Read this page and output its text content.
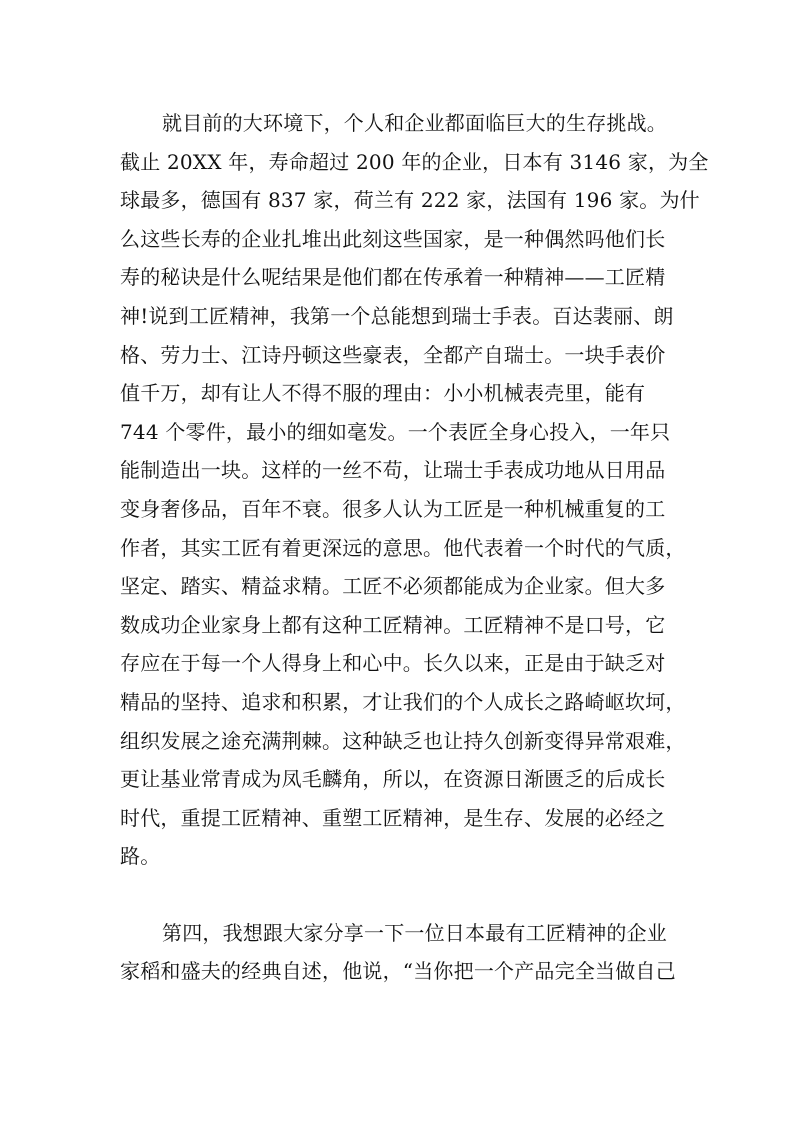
就目前的大环境下，个人和企业都面临巨大的生存挑战。
截止 20XX 年，寿命超过 200 年的企业，日本有 3146 家，为全
球最多，德国有 837 家，荷兰有 222 家，法国有 196 家。为什
么这些长寿的企业扎堆出此刻这些国家，是一种偶然吗他们长
寿的秘诀是什么呢结果是他们都在传承着一种精神——工匠精
神!说到工匠精神，我第一个总能想到瑞士手表。百达裴丽、朗
格、劳力士、江诗丹顿这些豪表，全都产自瑞士。一块手表价
值千万，却有让人不得不服的理由：小小机械表壳里，能有
744 个零件，最小的细如毫发。一个表匠全身心投入，一年只
能制造出一块。这样的一丝不苟，让瑞士手表成功地从日用品
变身奢侈品，百年不衰。很多人认为工匠是一种机械重复的工
作者，其实工匠有着更深远的意思。他代表着一个时代的气质，
坚定、踏实、精益求精。工匠不必须都能成为企业家。但大多
数成功企业家身上都有这种工匠精神。工匠精神不是口号，它
存应在于每一个人得身上和心中。长久以来，正是由于缺乏对
精品的坚持、追求和积累，才让我们的个人成长之路崎岖坎坷，
组织发展之途充满荆棘。这种缺乏也让持久创新变得异常艰难，
更让基业常青成为凤毛麟角，所以，在资源日渐匮乏的后成长
时代，重提工匠精神、重塑工匠精神，是生存、发展的必经之
路。
第四，我想跟大家分享一下一位日本最有工匠精神的企业
家稻和盛夫的经典自述，他说，“当你把一个产品完全当做自己
